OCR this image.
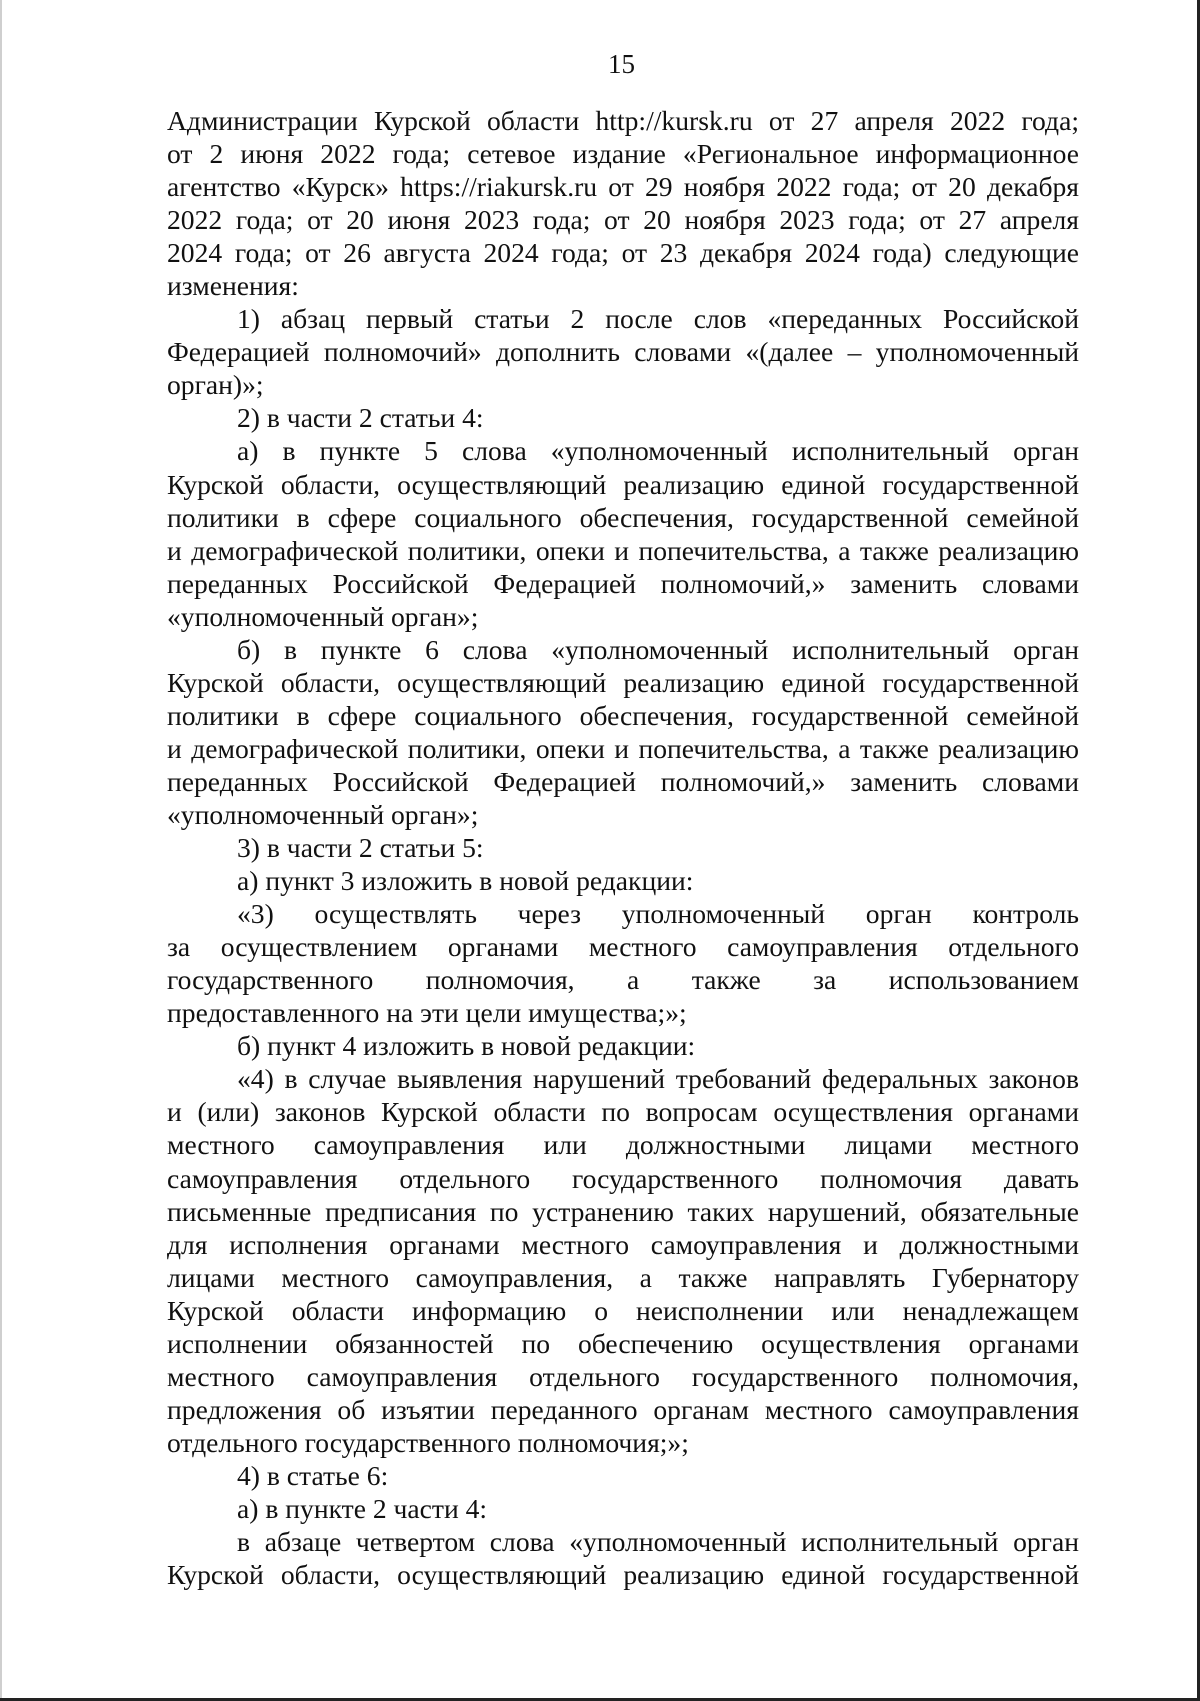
15
Администрации Курской области http://kursk.ru от 27 апреля 2022 года;
от 2 июня 2022 года; сетевое издание «Региональное информационное
агентство «Курск» https://riakursk.ru от 29 ноября 2022 года; от 20 декабря
2022 года; от 20 июня 2023 года; от 20 ноября 2023 года; от 27 апреля
2024 года; от 26 августа 2024 года; от 23 декабря 2024 года) следующие
изменения:
1) абзац первый статьи 2 после слов «переданных Российской
Федерацией полномочий» дополнить словами «(далее – уполномоченный
орган)»;
2) в части 2 статьи 4:
а) в пункте 5 слова «уполномоченный исполнительный орган
Курской области, осуществляющий реализацию единой государственной
политики в сфере социального обеспечения, государственной семейной
и демографической политики, опеки и попечительства, а также реализацию
переданных Российской Федерацией полномочий,» заменить словами
«уполномоченный орган»;
б) в пункте 6 слова «уполномоченный исполнительный орган
Курской области, осуществляющий реализацию единой государственной
политики в сфере социального обеспечения, государственной семейной
и демографической политики, опеки и попечительства, а также реализацию
переданных Российской Федерацией полномочий,» заменить словами
«уполномоченный орган»;
3) в части 2 статьи 5:
а) пункт 3 изложить в новой редакции:
«3) осуществлять через уполномоченный орган контроль
за осуществлением органами местного самоуправления отдельного
государственного полномочия, а также за использованием
предоставленного на эти цели имущества;»;
б) пункт 4 изложить в новой редакции:
«4) в случае выявления нарушений требований федеральных законов
и (или) законов Курской области по вопросам осуществления органами
местного самоуправления или должностными лицами местного
самоуправления отдельного государственного полномочия давать
письменные предписания по устранению таких нарушений, обязательные
для исполнения органами местного самоуправления и должностными
лицами местного самоуправления, а также направлять Губернатору
Курской области информацию о неисполнении или ненадлежащем
исполнении обязанностей по обеспечению осуществления органами
местного самоуправления отдельного государственного полномочия,
предложения об изъятии переданного органам местного самоуправления
отдельного государственного полномочия;»;
4) в статье 6:
а) в пункте 2 части 4:
в абзаце четвертом слова «уполномоченный исполнительный орган
Курской области, осуществляющий реализацию единой государственной
